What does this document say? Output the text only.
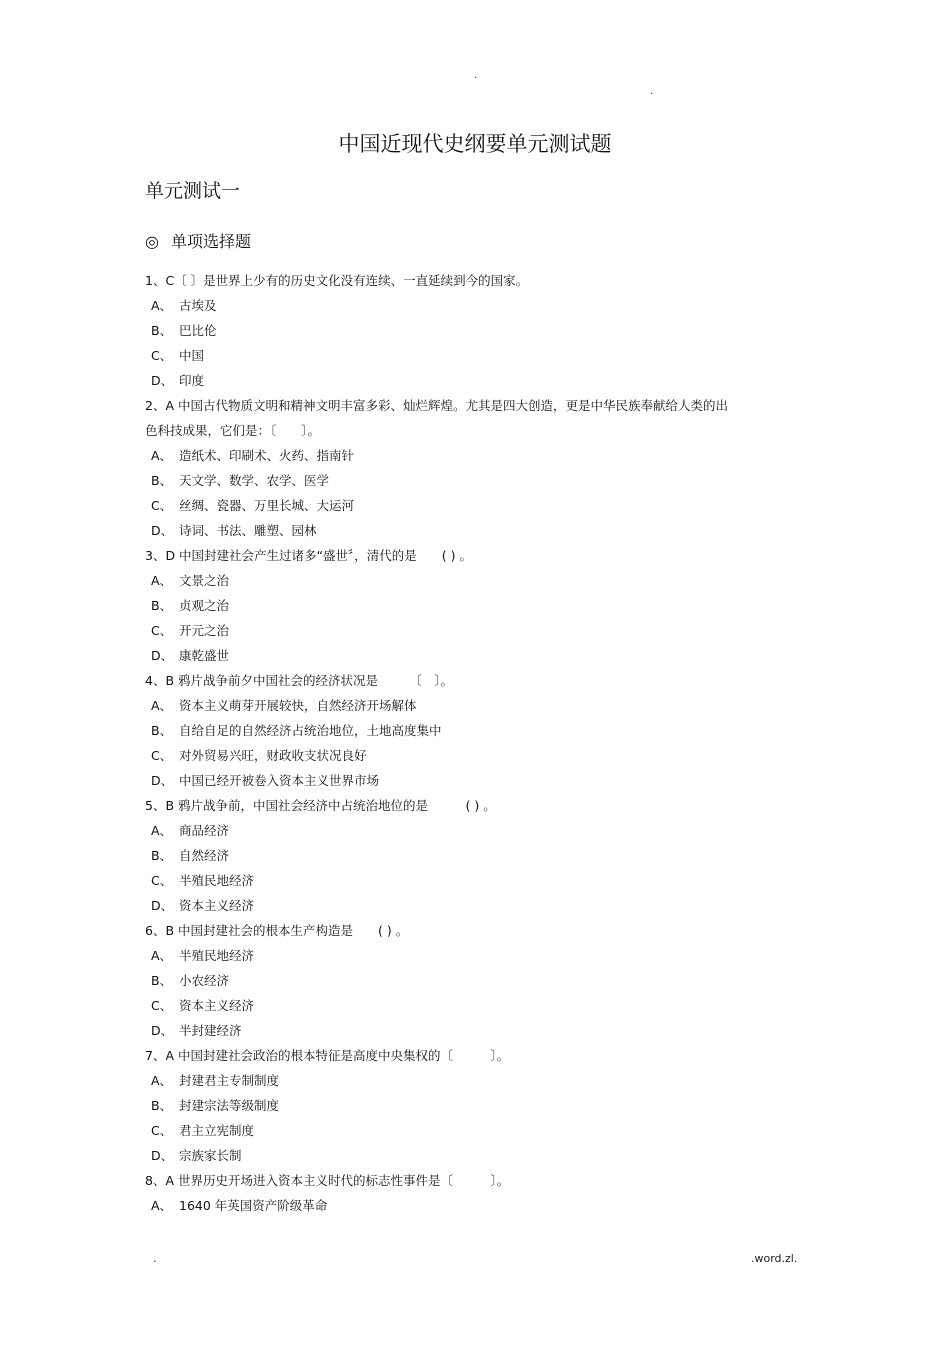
.
.
中国近现代史纲要单元测试题
单元测试一
◎ 单项选择题
1、C〔 〕是世界上少有的历史文化没有连续、一直延续到今的国家。
A、 古埃及
B、 巴比伦
C、 中国
D、 印度
2、A 中国古代物质文明和精神文明丰富多彩、灿烂辉煌。尤其是四大创造，更是中华民族奉献给人类的出
色科技成果，它们是：〔　　〕。
A、 造纸术、印刷术、火药、指南针
B、 天文学、数学、农学、医学
C、 丝绸、瓷器、万里长城、大运河
D、 诗词、书法、雕塑、园林
3、D 中国封建社会产生过诸多“盛世〞，清代的是　　( ) 。
A、 文景之治
B、 贞观之治
C、 开元之治
D、 康乾盛世
4、B 鸦片战争前夕中国社会的经济状况是　　　〔　〕。
A、 资本主义萌芽开展较快，自然经济开场解体
B、 自给自足的自然经济占统治地位，土地高度集中
C、 对外贸易兴旺，财政收支状况良好
D、 中国已经开被卷入资本主义世界市场
5、B 鸦片战争前，中国社会经济中占统治地位的是　　　( ) 。
A、 商品经济
B、 自然经济
C、 半殖民地经济
D、 资本主义经济
6、B 中国封建社会的根本生产构造是　　( ) 。
A、 半殖民地经济
B、 小农经济
C、 资本主义经济
D、 半封建经济
7、A 中国封建社会政治的根本特征是高度中央集权的〔　　　〕。
A、 封建君主专制制度
B、 封建宗法等级制度
C、 君主立宪制度
D、 宗族家长制
8、A 世界历史开场进入资本主义时代的标志性事件是〔　　　〕。
A、 1640 年英国资产阶级革命
.	.word.zl.
